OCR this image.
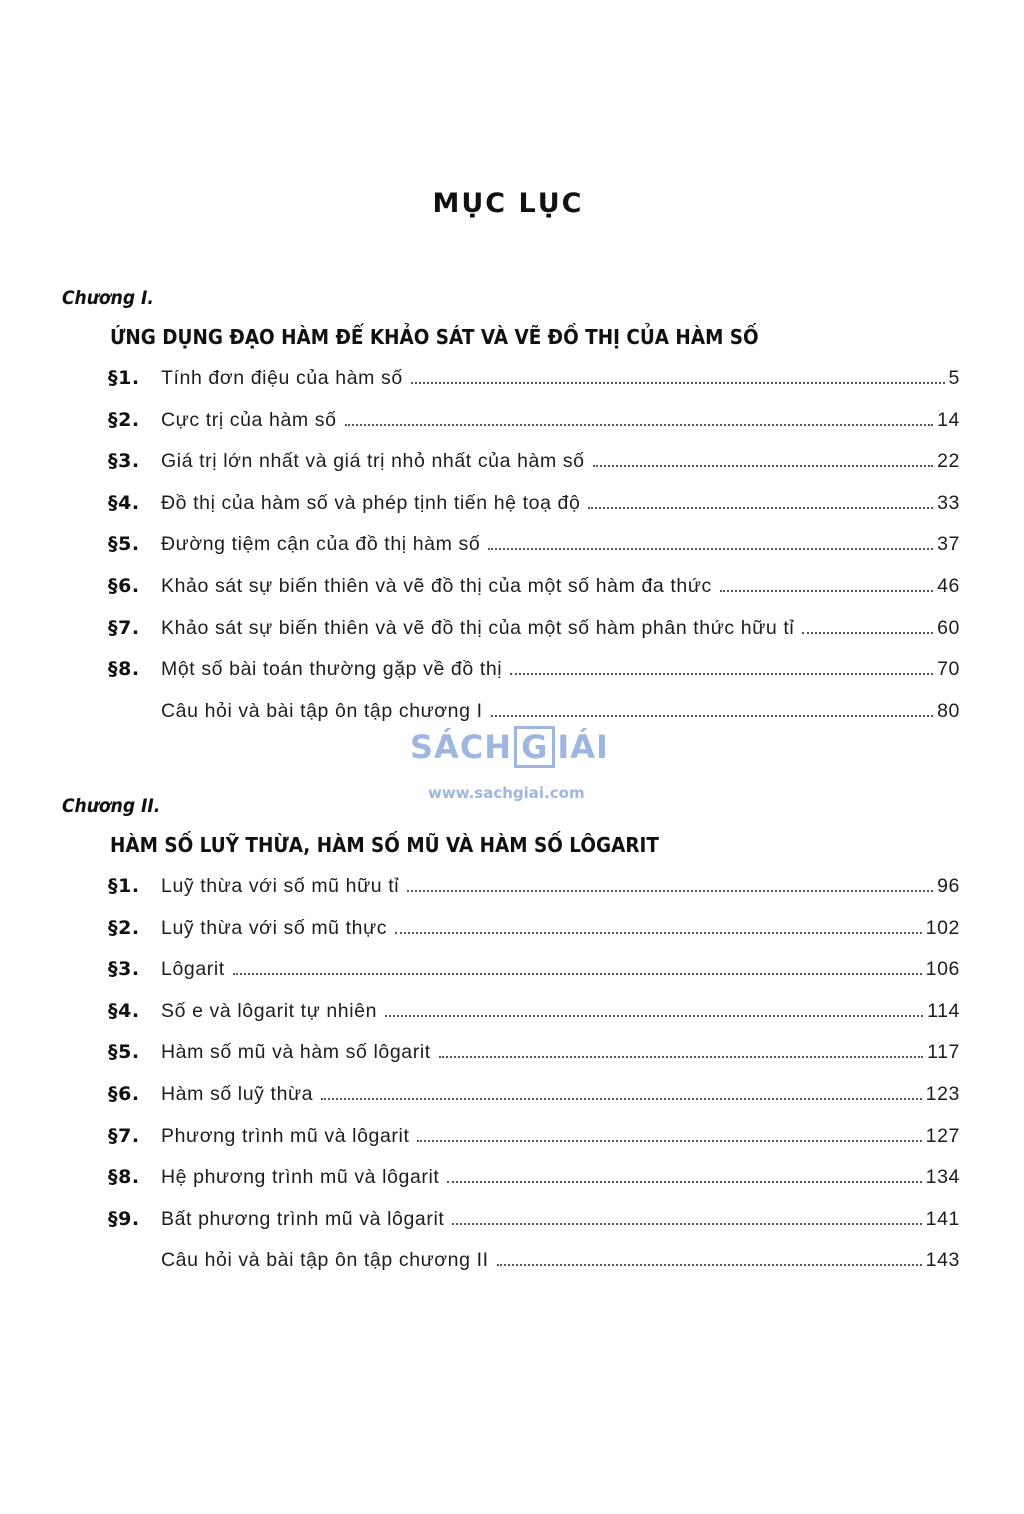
MỤC LỤC
Chương I.
ỨNG DỤNG ĐẠO HÀM ĐỂ KHẢO SÁT VÀ VẼ ĐỒ THỊ CỦA HÀM SỐ
§1.	Tính đơn điệu của hàm số	5
§2.	Cực trị của hàm số	14
§3.	Giá trị lớn nhất và giá trị nhỏ nhất của hàm số	22
§4.	Đồ thị của hàm số và phép tịnh tiến hệ toạ độ	33
§5.	Đường tiệm cận của đồ thị hàm số	37
§6.	Khảo sát sự biến thiên và vẽ đồ thị của một số hàm đa thức	46
§7.	Khảo sát sự biến thiên và vẽ đồ thị của một số hàm phân thức hữu tỉ	60
§8.	Một số bài toán thường gặp về đồ thị	70
Câu hỏi và bài tập ôn tập chương I	80
Chương II.
HÀM SỐ LUỸ THỪA, HÀM SỐ MŨ VÀ HÀM SỐ LÔGARIT
§1.	Luỹ thừa với số mũ hữu tỉ	96
§2.	Luỹ thừa với số mũ thực	102
§3.	Lôgarit	106
§4.	Số e và lôgarit tự nhiên	114
§5.	Hàm số mũ và hàm số lôgarit	117
§6.	Hàm số luỹ thừa	123
§7.	Phương trình mũ và lôgarit	127
§8.	Hệ phương trình mũ và lôgarit	134
§9.	Bất phương trình mũ và lôgarit	141
Câu hỏi và bài tập ôn tập chương II	143
SÁCH G IÁI
www.sachgiai.com
